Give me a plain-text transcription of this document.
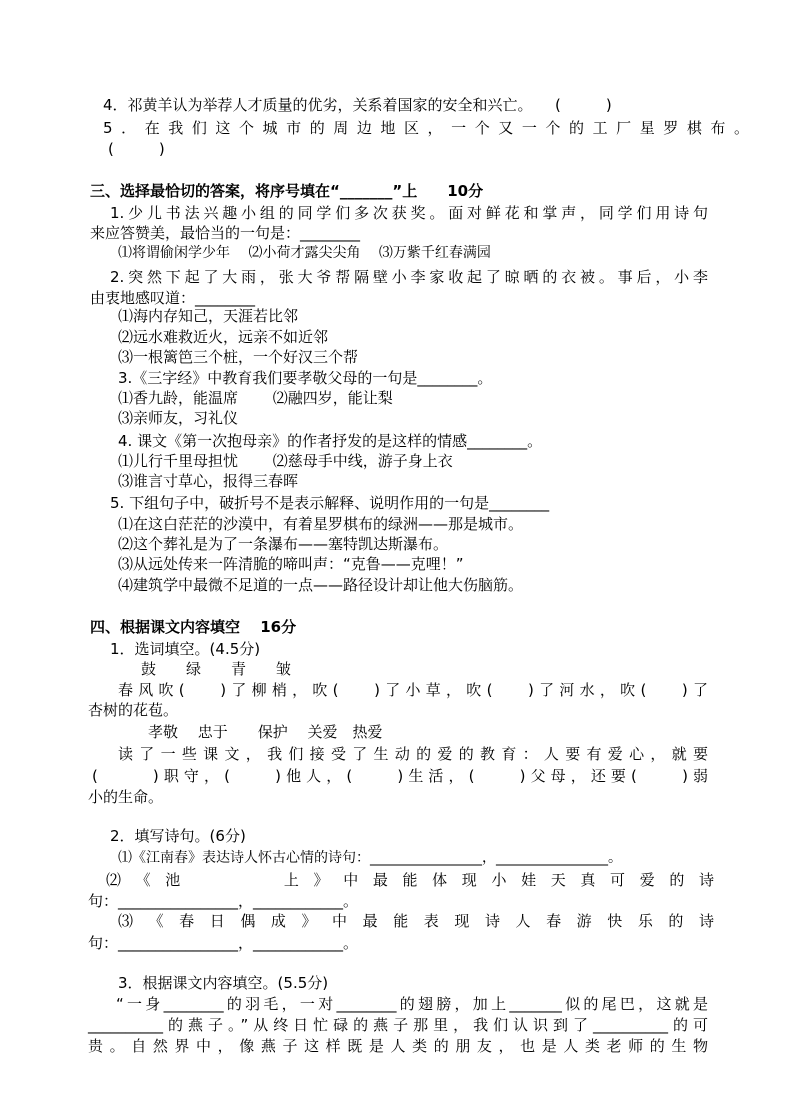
4．祁黄羊认为举荐人才质量的优劣，关系着国家的安全和兴亡。　　(　　　)
5．在我们这个城市的周边地区，一个又一个的工厂星罗棋布。
(　　　)
三、选择最恰切的答案，将序号填在“_______”上　　10分
1.少儿书法兴趣小组的同学们多次获奖。面对鲜花和掌声，同学们用诗句
来应答赞美，最恰当的一句是：________
⑴将谓偷闲学少年　 ⑵小荷才露尖尖角　 ⑶万紫千红春满园
2.突然下起了大雨，张大爷帮隔壁小李家收起了晾晒的衣被。事后，小李
由衷地感叹道：________
⑴海内存知己，天涯若比邻
⑵远水难救近火，远亲不如近邻
⑶一根篱笆三个桩，一个好汉三个帮
3.《三字经》中教育我们要孝敬父母的一句是________。
⑴香九龄，能温席　　 ⑵融四岁，能让梨
⑶亲师友，习礼仪
4. 课文《第一次抱母亲》的作者抒发的是这样的情感________。
⑴儿行千里母担忧　　 ⑵慈母手中线，游子身上衣
⑶谁言寸草心，报得三春晖
5. 下组句子中，破折号不是表示解释、说明作用的一句是________
⑴在这白茫茫的沙漠中，有着星罗棋布的绿洲——那是城市。
⑵这个葬礼是为了一条瀑布——塞特凯达斯瀑布。
⑶从远处传来一阵清脆的啼叫声：“克鲁——克哩！”
⑷建筑学中最微不足道的一点——路径设计却让他大伤脑筋。
四、根据课文内容填空　 16分
1．选词填空。(4.5分)
鼓　　绿　　青　　皱
春风吹(　 )了柳梢，吹(　 )了小草，吹(　 )了河水，吹(　 )了
杏树的花苞。
孝敬　 忠于　　保护　 关爱　热爱
读了一些课文，我们接受了生动的爱的教育：人要有爱心，就要
(　　 )职守，(　　)他人，(　　)生活，(　　)父母，还要(　　)弱
小的生命。
2．填写诗句。(6分)
⑴《江南春》表达诗人怀古心情的诗句：________________，________________。
⑵《池　　　上》中最能体现小娃天真可爱的诗
句：________________，____________。
⑶《春日偶成》中最能表现诗人春游快乐的诗
句：________________，____________。
3．根据课文内容填空。(5.5分)
“一身________的羽毛，一对________的翅膀，加上_______似的尾巴，这就是
__________的燕子。”从终日忙碌的燕子那里，我们认识到了__________的可
贵。自然界中，像燕子这样既是人类的朋友，也是人类老师的生物
